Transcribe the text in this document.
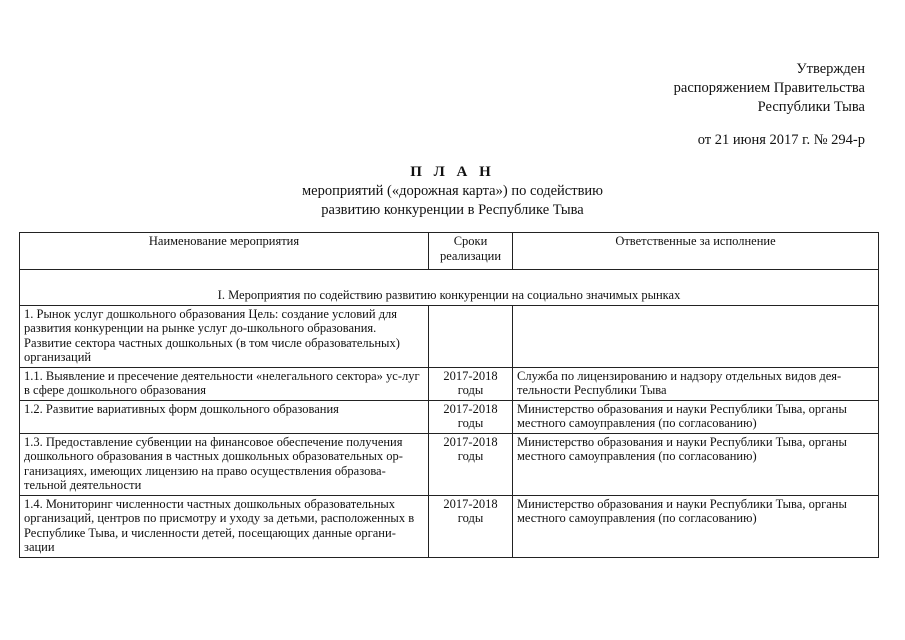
Утвержден
распоряжением Правительства
Республики Тыва
от 21 июня 2017 г. № 294-р
П Л А Н
мероприятий («дорожная карта») по содействию
развитию конкуренции в Республике Тыва
Наименование мероприятия	Сроки реализации	Ответственные за исполнение
I. Мероприятия по содействию развитию конкуренции на социально значимых рынках		
1. Рынок услуг дошкольного образования Цель: создание условий для развития конкуренции на рынке услуг до-школьного образования. Развитие сектора частных дошкольных (в том числе образовательных) организаций		
1.1. Выявление и пресечение деятельности «нелегального сектора» ус-луг в сфере дошкольного образования	2017-2018 годы	Служба по лицензированию и надзору отдельных видов дея-тельности Республики Тыва
1.2. Развитие вариативных форм дошкольного образования	2017-2018 годы	Министерство образования и науки Республики Тыва, органы местного самоуправления (по согласованию)
1.3. Предоставление субвенции на финансовое обеспечение получения дошкольного образования в частных дошкольных образовательных ор-ганизациях, имеющих лицензию на право осуществления образова-тельной деятельности	2017-2018 годы	Министерство образования и науки Республики Тыва, органы местного самоуправления (по согласованию)
1.4. Мониторинг численности частных дошкольных образовательных организаций, центров по присмотру и уходу за детьми, расположенных в Республике Тыва, и численности детей, посещающих данные органи-зации	2017-2018 годы	Министерство образования и науки Республики Тыва, органы местного самоуправления (по согласованию)
